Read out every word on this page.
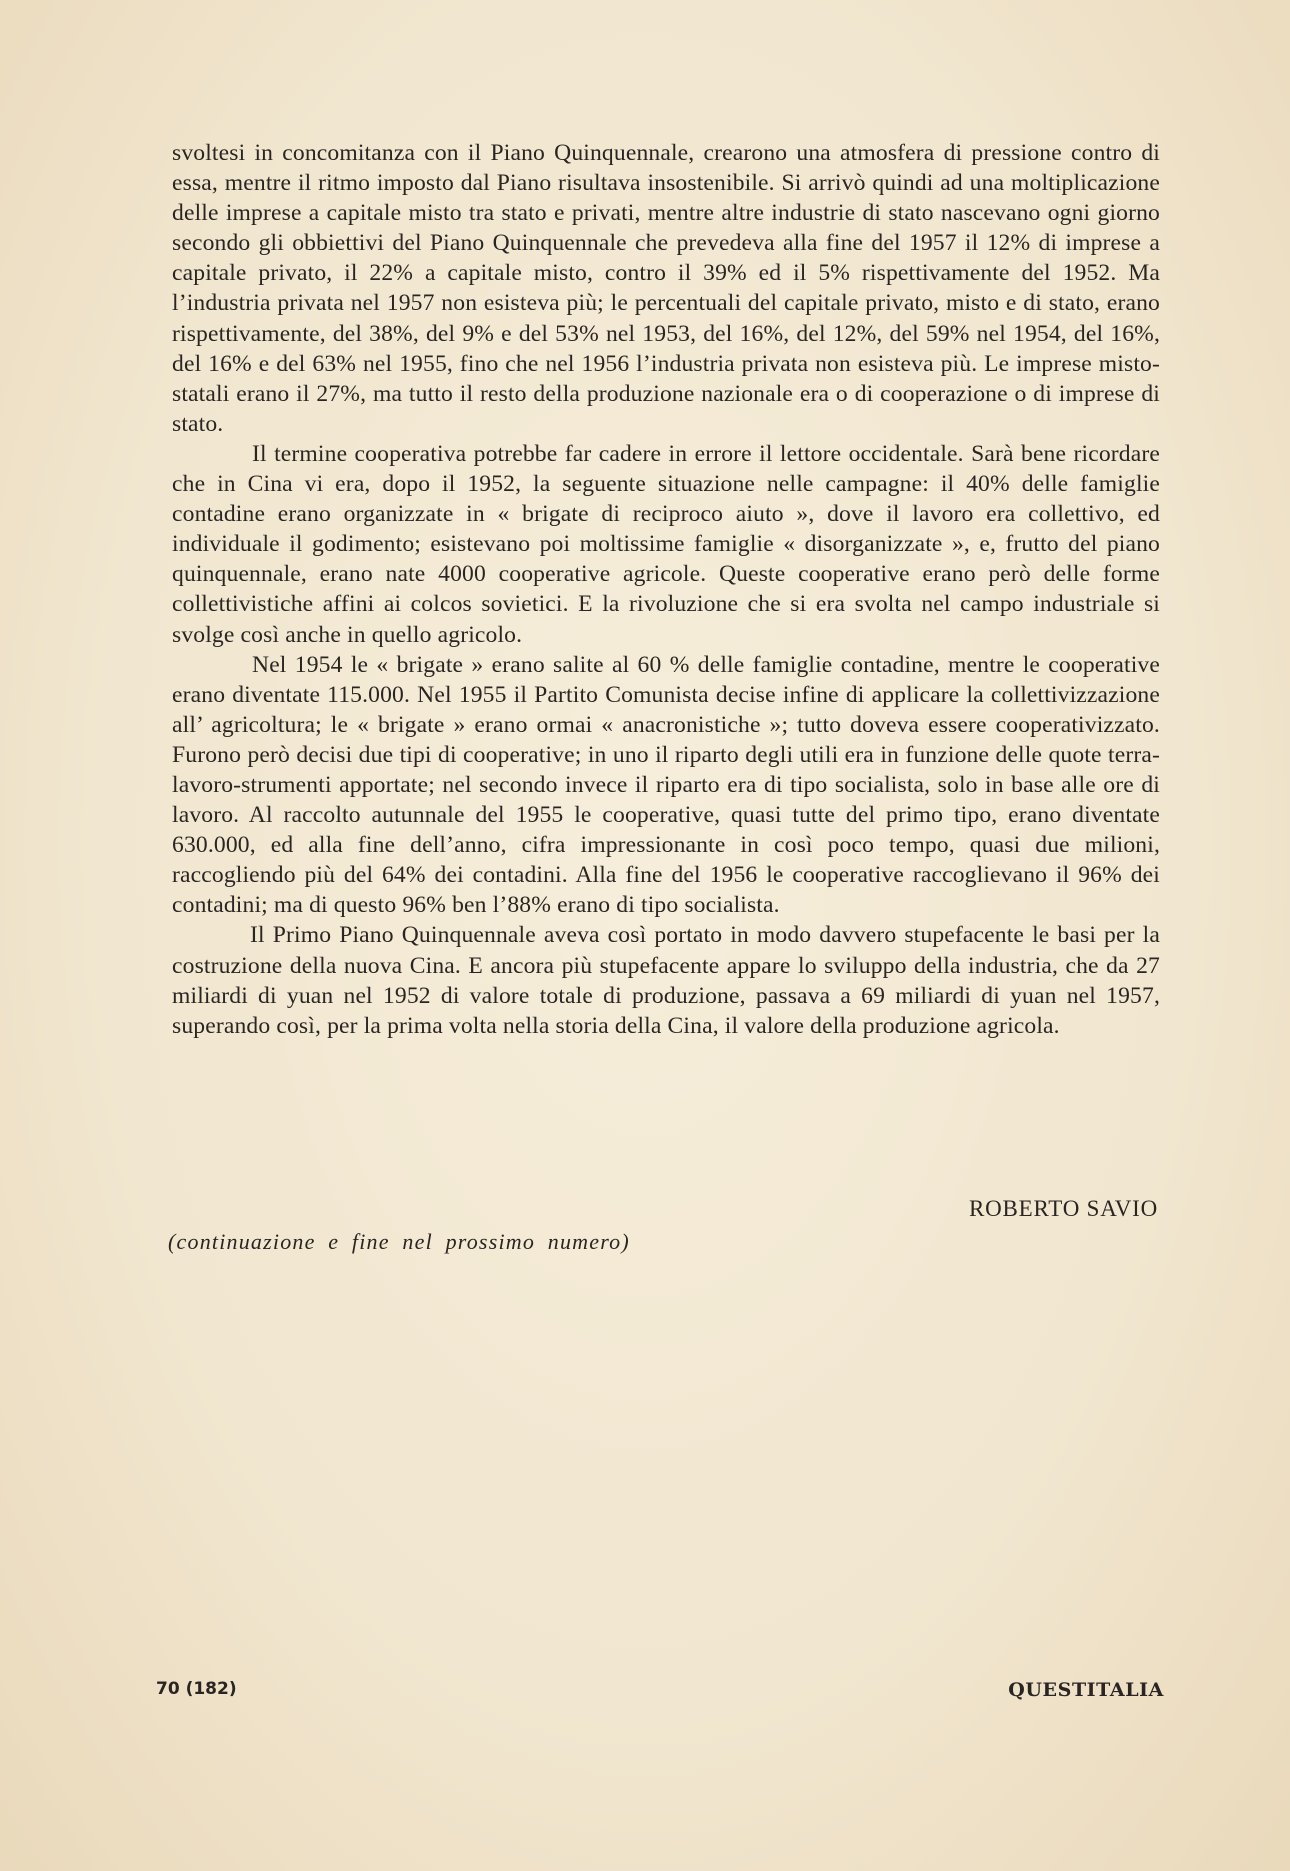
svoltesi in concomitanza con il Piano Quinquennale, crearono una atmosfera di pressione contro di essa, mentre il ritmo imposto dal Piano risultava insostenibile. Si arrivò quindi ad una moltiplicazione delle imprese a capitale misto tra stato e privati, mentre altre industrie di stato nascevano ogni giorno secondo gli obbiettivi del Piano Quinquennale che prevedeva alla fine del 1957 il 12% di imprese a capitale privato, il 22% a capitale misto, contro il 39% ed il 5% rispettivamente del 1952. Ma l’industria privata nel 1957 non esisteva più; le percentuali del capitale privato, misto e di stato, erano rispettivamente, del 38%, del 9% e del 53% nel 1953, del 16%, del 12%, del 59% nel 1954, del 16%, del 16% e del 63% nel 1955, fino che nel 1956 l’industria privata non esisteva più. Le imprese misto-statali erano il 27%, ma tutto il resto della produzione nazionale era o di cooperazione o di imprese di stato.

Il termine cooperativa potrebbe far cadere in errore il lettore occidentale. Sarà bene ricordare che in Cina vi era, dopo il 1952, la seguente situazione nelle campagne: il 40% delle famiglie contadine erano organizzate in « brigate di reciproco aiuto », dove il lavoro era collettivo, ed individuale il godimento; esistevano poi moltissime famiglie « disorganizzate », e, frutto del piano quinquennale, erano nate 4000 cooperative agricole. Queste cooperative erano però delle forme collettivistiche affini ai colcos sovietici. E la rivoluzione che si era svolta nel campo industriale si svolge così anche in quello agricolo.

Nel 1954 le « brigate » erano salite al 60 % delle famiglie contadine, mentre le cooperative erano diventate 115.000. Nel 1955 il Partito Comunista decise infine di applicare la collettivizzazione all’ agricoltura; le « brigate » erano ormai « anacronistiche »; tutto doveva essere cooperativizzato. Furono però decisi due tipi di cooperative; in uno il riparto degli utili era in funzione delle quote terra-lavoro-strumenti apportate; nel secondo invece il riparto era di tipo socialista, solo in base alle ore di lavoro. Al raccolto autunnale del 1955 le cooperative, quasi tutte del primo tipo, erano diventate 630.000, ed alla fine dell’anno, cifra impressionante in così poco tempo, quasi due milioni, raccogliendo più del 64% dei contadini. Alla fine del 1956 le cooperative raccoglievano il 96% dei contadini; ma di questo 96% ben l’88% erano di tipo socialista.

Il Primo Piano Quinquennale aveva così portato in modo davvero stupefacente le basi per la costruzione della nuova Cina. E ancora più stupefacente appare lo sviluppo della industria, che da 27 miliardi di yuan nel 1952 di valore totale di produzione, passava a 69 miliardi di yuan nel 1957, superando così, per la prima volta nella storia della Cina, il valore della produzione agricola.

ROBERTO SAVIO
(continuazione e fine nel prossimo numero)
70 (182)	QUESTITALIA
